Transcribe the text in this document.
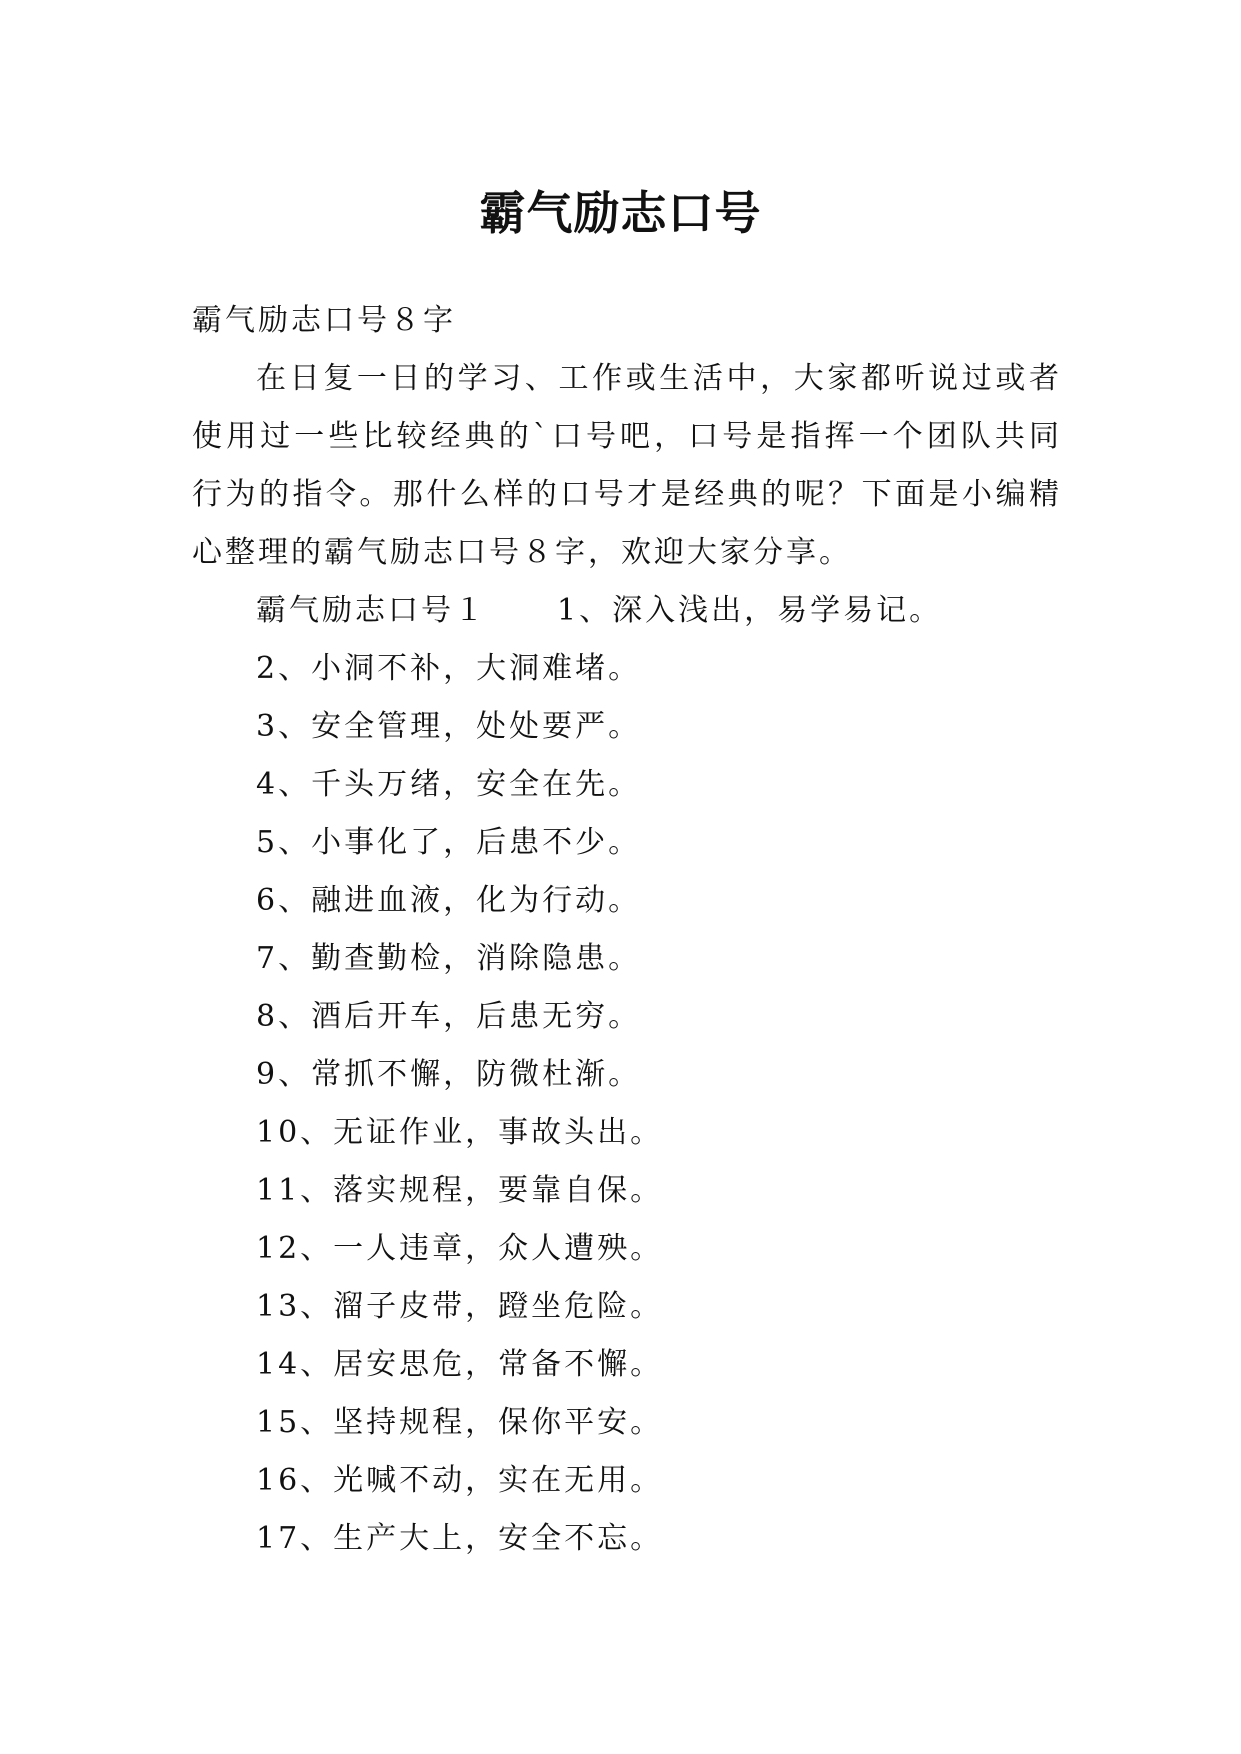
霸气励志口号

霸气励志口号８字

在日复一日的学习、工作或生活中，大家都听说过或者使用过一些比较经典的`口号吧，口号是指挥一个团队共同行为的指令。那什么样的口号才是经典的呢？下面是小编精心整理的霸气励志口号８字，欢迎大家分享。

霸气励志口号１ 1、深入浅出，易学易记。

2、小洞不补，大洞难堵。

3、安全管理，处处要严。

4、千头万绪，安全在先。

5、小事化了，后患不少。

6、融进血液，化为行动。

7、勤查勤检，消除隐患。

8、酒后开车，后患无穷。

9、常抓不懈，防微杜渐。

10、无证作业，事故头出。

11、落实规程，要靠自保。

12、一人违章，众人遭殃。

13、溜子皮带，蹬坐危险。

14、居安思危，常备不懈。

15、坚持规程，保你平安。

16、光喊不动，实在无用。

17、生产大上，安全不忘。
